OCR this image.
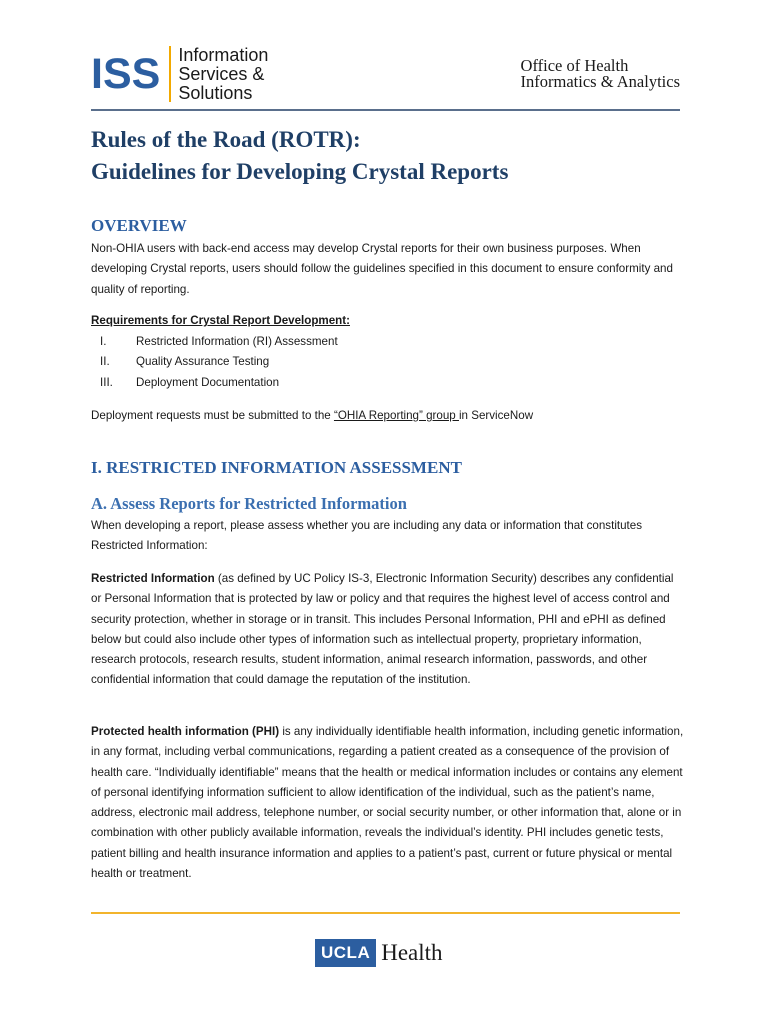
ISS Information
Services &
Solutions
Office of Health
Informatics & Analytics
Rules of the Road (ROTR):
Guidelines for Developing Crystal Reports
OVERVIEW

Non-OHIA users with back-end access may develop Crystal reports for their own business purposes. When developing Crystal reports, users should follow the guidelines specified in this document to ensure conformity and quality of reporting.

Requirements for Crystal Report Development:

I.	Restricted Information (RI) Assessment
II.	Quality Assurance Testing
III.	Deployment Documentation

Deployment requests must be submitted to the “OHIA Reporting” group in ServiceNow

I. RESTRICTED INFORMATION ASSESSMENT
A. Assess Reports for Restricted Information

When developing a report, please assess whether you are including any data or information that constitutes Restricted Information:

Restricted Information (as defined by UC Policy IS-3, Electronic Information Security) describes any confidential or Personal Information that is protected by law or policy and that requires the highest level of access control and security protection, whether in storage or in transit. This includes Personal Information, PHI and ePHI as defined below but could also include other types of information such as intellectual property, proprietary information, research protocols, research results, student information, animal research information, passwords, and other confidential information that could damage the reputation of the institution.

Protected health information (PHI) is any individually identifiable health information, including genetic information, in any format, including verbal communications, regarding a patient created as a consequence of the provision of health care. “Individually identifiable” means that the health or medical information includes or contains any element of personal identifying information sufficient to allow identification of the individual, such as the patient’s name, address, electronic mail address, telephone number, or social security number, or other information that, alone or in combination with other publicly available information, reveals the individual’s identity. PHI includes genetic tests, patient billing and health insurance information and applies to a patient’s past, current or future physical or mental health or treatment.

UCLA Health
